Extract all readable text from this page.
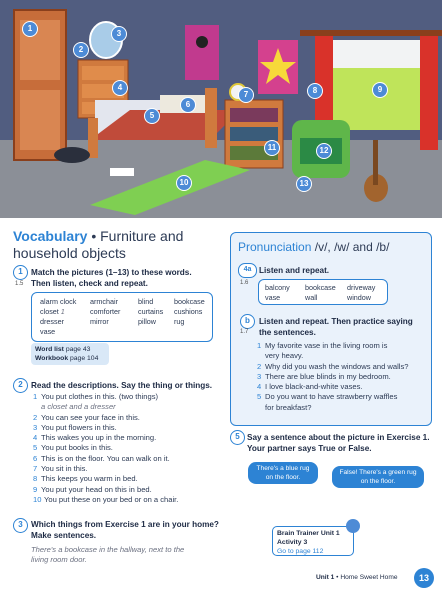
1
2
3
4
5
6
7	8	9
10
11	12
13
Vocabulary • Furniture and
household objects
1
1.5
Match the pictures (1–13) to these words.
Then listen, check and repeat.
alarm clock	armchair	blind	bookcase
closet 1	comforter	curtains	cushions
dresser	mirror	pillow	rug
vase
Word list page 43
Workbook page 104
2	Read the descriptions. Say the thing or things.
1 You put clothes in this. (two things)
a closet and a dresser
2 You can see your face in this.
3 You put flowers in this.
4 This wakes you up in the morning.
5 You put books in this.
6 This is on the floor. You can walk on it.
7 You sit in this.
8 This keeps you warm in bed.
9 You put your head on this in bed.
10 You put these on your bed or on a chair.
3	Which things from Exercise 1 are in your home?
Make sentences.
There's a bookcase in the hallway, next to the
living room door.
Pronunciation /v/, /w/ and /b/
4a Listen and repeat.
1.6 balcony	bookcase	driveway
vase	wall	window
b	Listen and repeat. Then practice saying
1.7 the sentences.
1 My favorite vase in the living room is
very heavy.
2 Why did you wash the windows and walls?
3 There are blue blinds in my bedroom.
4 I love black-and-white vases.
5 Do you want to have strawberry waffles
for breakfast?
5 Say a sentence about the picture in Exercise 1.
Your partner says True or False.
There's a blue rug
on the floor.
False! There's a green rug
on the floor.
Brain Trainer Unit 1
Activity 3
Go to page 112
Unit 1 • Home Sweet Home	13
